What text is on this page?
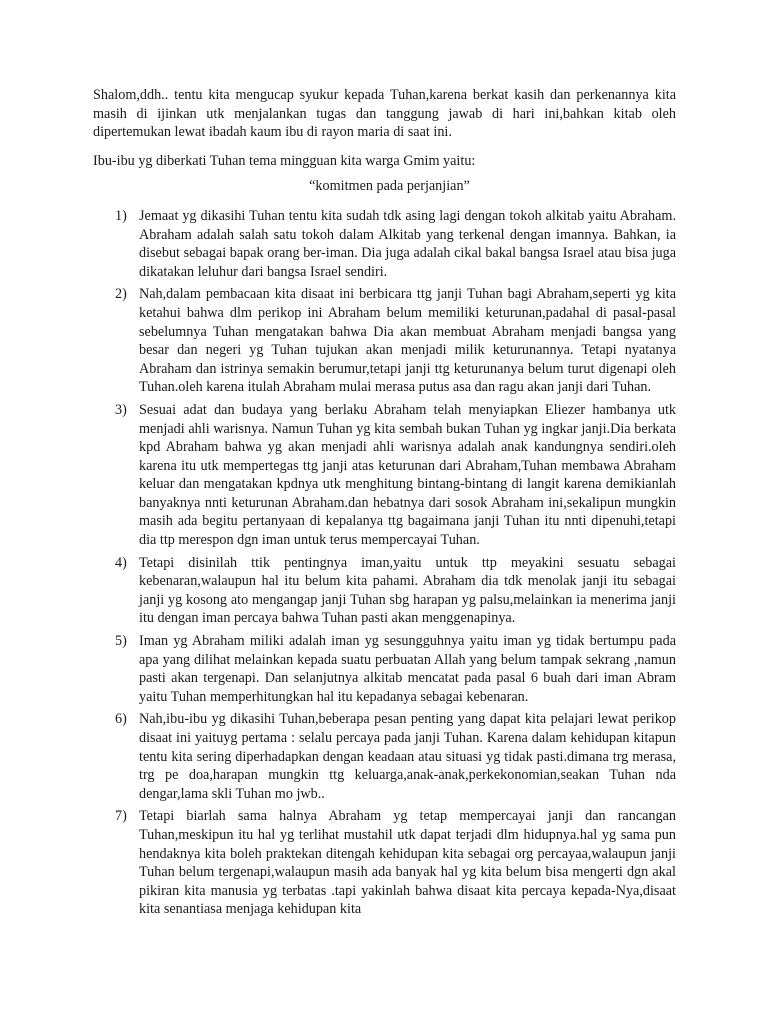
Shalom,ddh.. tentu kita mengucap syukur kepada Tuhan,karena berkat kasih dan perkenannya kita masih di ijinkan utk menjalankan tugas dan tanggung jawab di hari ini,bahkan kitab oleh dipertemukan lewat ibadah kaum ibu di rayon maria di saat ini.

Ibu-ibu yg diberkati Tuhan tema mingguan kita warga Gmim yaitu:

“komitmen pada perjanjian”

1) Jemaat yg dikasihi Tuhan tentu kita sudah tdk asing lagi dengan tokoh alkitab yaitu Abraham. Abraham adalah salah satu tokoh dalam Alkitab yang terkenal dengan imannya. Bahkan, ia disebut sebagai bapak orang ber-iman. Dia juga adalah cikal bakal bangsa Israel atau bisa juga dikatakan leluhur dari bangsa Israel sendiri.
2) Nah,dalam pembacaan kita disaat ini berbicara ttg janji Tuhan bagi Abraham,seperti yg kita ketahui bahwa dlm perikop ini Abraham belum memiliki keturunan,padahal di pasal-pasal sebelumnya Tuhan mengatakan bahwa Dia akan membuat Abraham menjadi bangsa yang besar dan negeri yg Tuhan tujukan akan menjadi milik keturunannya. Tetapi nyatanya Abraham dan istrinya semakin berumur,tetapi janji ttg keturunanya belum turut digenapi oleh Tuhan.oleh karena itulah Abraham mulai merasa putus asa dan ragu akan janji dari Tuhan.
3) Sesuai adat dan budaya yang berlaku Abraham telah menyiapkan Eliezer hambanya utk menjadi ahli warisnya. Namun Tuhan yg kita sembah bukan Tuhan yg ingkar janji.Dia berkata kpd Abraham bahwa yg akan menjadi ahli warisnya adalah anak kandungnya sendiri.oleh karena itu utk mempertegas ttg janji atas keturunan dari Abraham,Tuhan membawa Abraham keluar dan mengatakan kpdnya utk menghitung bintang-bintang di langit karena demikianlah banyaknya nnti keturunan Abraham.dan hebatnya dari sosok Abraham ini,sekalipun mungkin masih ada begitu pertanyaan di kepalanya ttg bagaimana janji Tuhan itu nnti dipenuhi,tetapi dia ttp merespon dgn iman untuk terus mempercayai Tuhan.
4) Tetapi disinilah ttik pentingnya iman,yaitu untuk ttp meyakini sesuatu sebagai kebenaran,walaupun hal itu belum kita pahami. Abraham dia tdk menolak janji itu sebagai janji yg kosong ato mengangap janji Tuhan sbg harapan yg palsu,melainkan ia menerima janji itu dengan iman percaya bahwa Tuhan pasti akan menggenapinya.
5) Iman yg Abraham miliki adalah iman yg sesungguhnya yaitu iman yg tidak bertumpu pada apa yang dilihat melainkan kepada suatu perbuatan Allah yang belum tampak sekrang ,namun pasti akan tergenapi. Dan selanjutnya alkitab mencatat pada pasal 6 buah dari iman Abram yaitu Tuhan memperhitungkan hal itu kepadanya sebagai kebenaran.
6) Nah,ibu-ibu yg dikasihi Tuhan,beberapa pesan penting yang dapat kita pelajari lewat perikop disaat ini yaituyg pertama : selalu percaya pada janji Tuhan. Karena dalam kehidupan kitapun tentu kita sering diperhadapkan dengan keadaan atau situasi yg tidak pasti.dimana trg merasa, trg pe doa,harapan mungkin ttg keluarga,anak-anak,perkekonomian,seakan Tuhan nda dengar,lama skli Tuhan mo jwb..
7) Tetapi biarlah sama halnya Abraham yg tetap mempercayai janji dan rancangan Tuhan,meskipun itu hal yg terlihat mustahil utk dapat terjadi dlm hidupnya.hal yg sama pun hendaknya kita boleh praktekan ditengah kehidupan kita sebagai org percayaa,walaupun janji Tuhan belum tergenapi,walaupun masih ada banyak hal yg kita belum bisa mengerti dgn akal pikiran kita manusia yg terbatas .tapi yakinlah bahwa disaat kita percaya kepada-Nya,disaat kita senantiasa menjaga kehidupan kita
